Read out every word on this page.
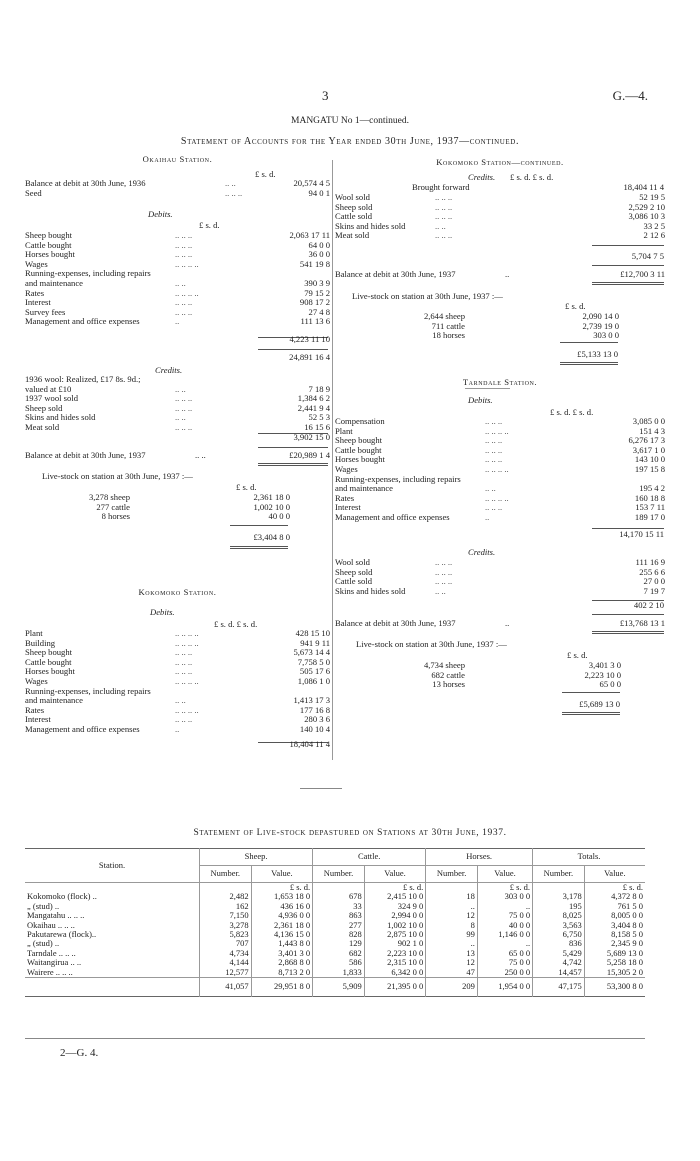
3	G.—4.
MANGATU No 1—continued.
Statement of Accounts for the Year ended 30th June, 1937—continued.
Okaihau Station.
£ s. d.
Balance at debit at 30th June, 1936	.. ..	20,574 4 5
Seed	.. .. ..	94 0 1
Debits.
£ s. d.
Sheep bought	.. .. ..	2,063 17 11
Cattle bought	.. .. ..	64 0 0
Horses bought	.. .. ..	36 0 0
Wages	.. .. .. ..	541 19 8
Running-expenses, including repairs		
and maintenance	.. ..	390 3 9
Rates	.. .. .. ..	79 15 2
Interest	.. .. ..	908 17 2
Survey fees	.. .. ..	27 4 8
Management and office expenses	..	111 13 6
4,223 11 10
24,891 16 4
Credits.
1936 wool: Realized, £17 8s. 9d.;		
valued at £10	.. ..	7 18 9
1937 wool sold	.. .. ..	1,384 6 2
Sheep sold	.. .. ..	2,441 9 4
Skins and hides sold	.. ..	52 5 3
Meat sold	.. .. ..	16 15 6
3,902 15 0
Balance at debit at 30th June, 1937	.. ..	£20,989 1 4
Live-stock on station at 30th June, 1937 :—
£ s. d.
3,278 sheep		2,361 18 0
277 cattle		1,002 10 0
8 horses		40 0 0
£3,404 8 0
Kokomoko Station.
Debits.
£ s. d. £ s. d.
Plant	.. .. .. ..	428 15 10
Building	.. .. .. ..	941 9 11
Sheep bought	.. .. ..	5,673 14 4
Cattle bought	.. .. ..	7,758 5 0
Horses bought	.. .. ..	505 17 6
Wages	.. .. .. ..	1,086 1 0
Running-expenses, including repairs		
and maintenance	.. ..	1,413 17 3
Rates	.. .. .. ..	177 16 8
Interest	.. .. ..	280 3 6
Management and office expenses	..	140 10 4
18,404 11 4
Kokomoko Station—continued.
Credits. £ s. d. £ s. d.
Brought forward	18,404 11 4
Wool sold	.. .. ..	52 19 5
Sheep sold	.. .. ..	2,529 2 10
Cattle sold	.. .. ..	3,086 10 3
Skins and hides sold	.. ..	33 2 5
Meat sold	.. .. ..	2 12 6
5,704 7 5
Balance at debit at 30th June, 1937	..	£12,700 3 11
Live-stock on station at 30th June, 1937 :—
£ s. d.
2,644 sheep		2,090 14 0
711 cattle		2,739 19 0
18 horses		303 0 0
£5,133 13 0
Tarndale Station.
Debits.
£ s. d. £ s. d.
Compensation	.. .. ..	3,085 0 0
Plant	.. .. .. ..	151 4 3
Sheep bought	.. .. ..	6,276 17 3
Cattle bought	.. .. ..	3,617 1 0
Horses bought	.. .. ..	143 10 0
Wages	.. .. .. ..	197 15 8
Running-expenses, including repairs		
and maintenance	.. ..	195 4 2
Rates	.. .. .. ..	160 18 8
Interest	.. .. ..	153 7 11
Management and office expenses	..	189 17 0
14,170 15 11
Credits.
Wool sold	.. .. ..	111 16 9
Sheep sold	.. .. ..	255 6 6
Cattle sold	.. .. ..	27 0 0
Skins and hides sold	.. ..	7 19 7
402 2 10
Balance at debit at 30th June, 1937	..	£13,768 13 1
Live-stock on station at 30th June, 1937 :—
£ s. d.
4,734 sheep		3,401 3 0
682 cattle		2,223 10 0
13 horses		65 0 0
£5,689 13 0
Statement of Live-stock depastured on Stations at 30th June, 1937.
Station.	Sheep.		Cattle.		Horses.		Totals.	
	Number.	Value.	Number.	Value.	Number.	Value.	Number.	Value.
		£ s. d.		£ s. d.		£ s. d.		£ s. d.
Kokomoko (flock) ..	2,482	1,653 18 0	678	2,415 10 0	18	303 0 0	3,178	4,372 8 0
„ (stud) ..	162	436 16 0	33	324 9 0	..	..	195	761 5 0
Mangatahu .. .. ..	7,150	4,936 0 0	863	2,994 0 0	12	75 0 0	8,025	8,005 0 0
Okaihau .. .. ..	3,278	2,361 18 0	277	1,002 10 0	8	40 0 0	3,563	3,404 8 0
Pakutarewa (flock)..	5,823	4,136 15 0	828	2,875 10 0	99	1,146 0 0	6,750	8,158 5 0
„ (stud) ..	707	1,443 8 0	129	902 1 0	..	..	836	2,345 9 0
Tarndale .. .. ..	4,734	3,401 3 0	682	2,223 10 0	13	65 0 0	5,429	5,689 13 0
Waitangirua .. ..	4,144	2,868 8 0	586	2,315 10 0	12	75 0 0	4,742	5,258 18 0
Wairere .. .. ..	12,577	8,713 2 0	1,833	6,342 0 0	47	250 0 0	14,457	15,305 2 0
	41,057	29,951 8 0	5,909	21,395 0 0	209	1,954 0 0	47,175	53,300 8 0
2—G. 4.
